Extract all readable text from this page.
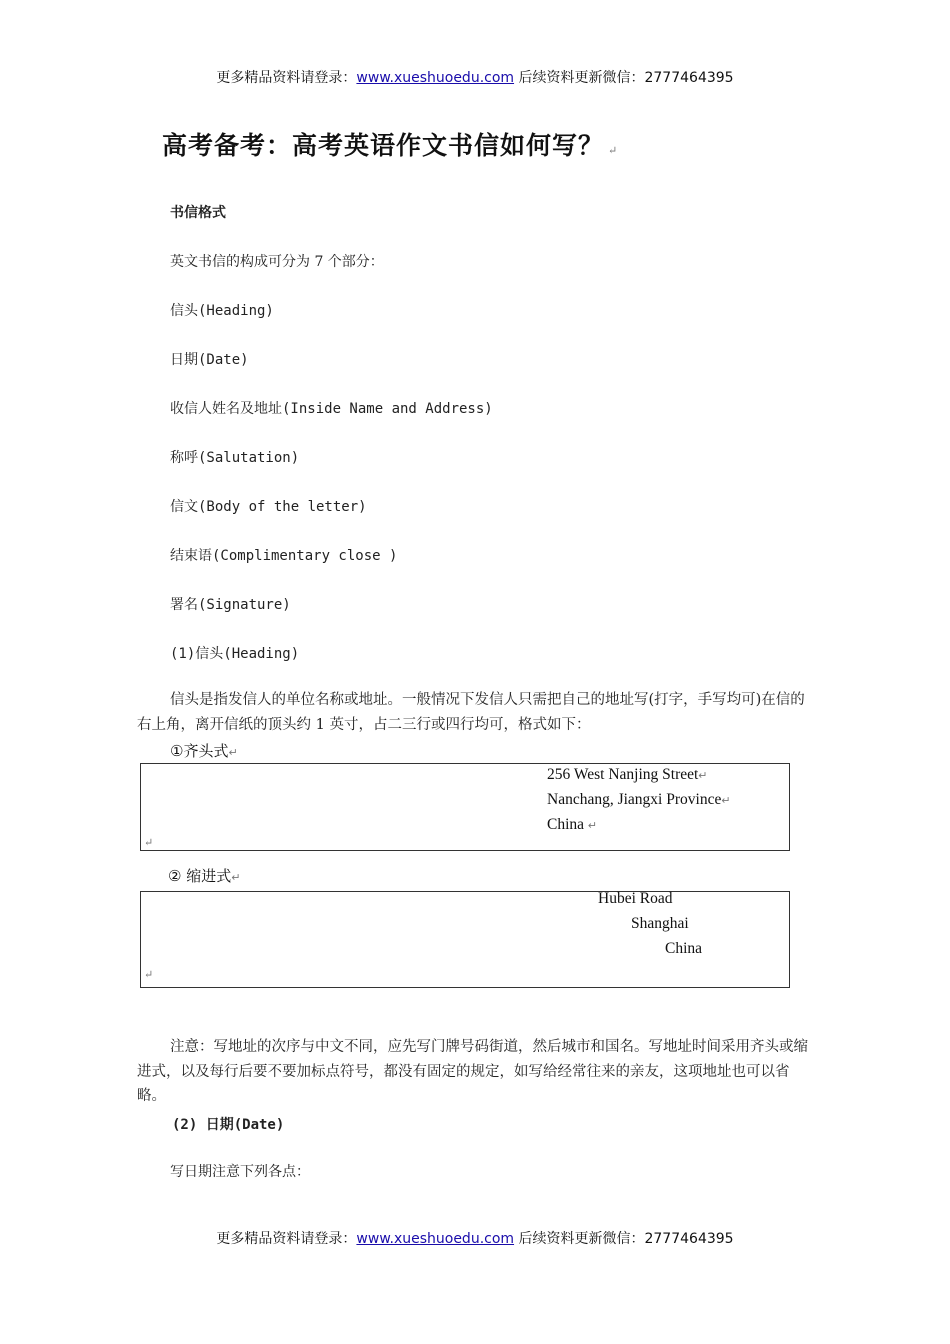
更多精品资料请登录：www.xueshuoedu.com 后续资料更新微信：2777464395
高考备考：高考英语作文书信如何写？ ↵
书信格式
英文书信的构成可分为 7 个部分：
信头(Heading)
日期(Date)
收信人姓名及地址(Inside Name and Address)
称呼(Salutation)
信文(Body of the letter)
结束语(Complimentary close )
署名(Signature)
(1)信头(Heading)
信头是指发信人的单位名称或地址。一般情况下发信人只需把自己的地址写(打字，手写均可)在信的右上角，离开信纸的顶头约 1 英寸，占二三行或四行均可，格式如下：
①齐头式↵
256 West Nanjing Street↵
Nanchang, Jiangxi Province↵
China ↵
↵
② 缩进式↵
Hubei Road
Shanghai
China
↵
注意：写地址的次序与中文不同，应先写门牌号码街道，然后城市和国名。写地址时间采用齐头或缩进式，以及每行后要不要加标点符号，都没有固定的规定，如写给经常往来的亲友，这项地址也可以省略。
(2) 日期(Date)
写日期注意下列各点：
更多精品资料请登录：www.xueshuoedu.com 后续资料更新微信：2777464395
